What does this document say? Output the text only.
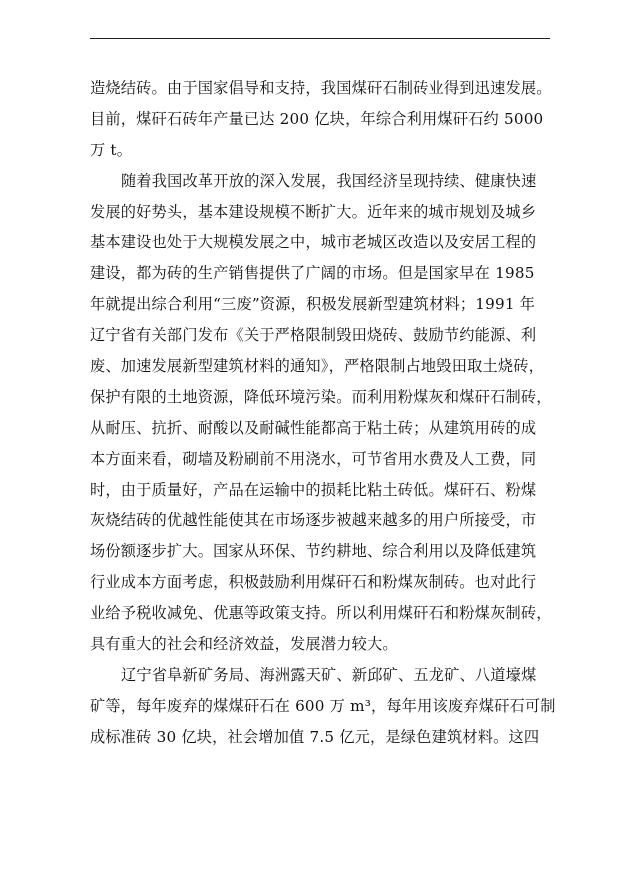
造烧结砖。由于国家倡导和支持，我国煤矸石制砖业得到迅速发展。
目前，煤矸石砖年产量已达 200 亿块，年综合利用煤矸石约 5000
万 t。
随着我国改革开放的深入发展，我国经济呈现持续、健康快速
发展的好势头，基本建设规模不断扩大。近年来的城市规划及城乡
基本建设也处于大规模发展之中，城市老城区改造以及安居工程的
建设，都为砖的生产销售提供了广阔的市场。但是国家早在 1985
年就提出综合利用“三废”资源，积极发展新型建筑材料；1991 年
辽宁省有关部门发布《关于严格限制毁田烧砖、鼓励节约能源、利
废、加速发展新型建筑材料的通知》，严格限制占地毁田取土烧砖，
保护有限的土地资源，降低环境污染。而利用粉煤灰和煤矸石制砖，
从耐压、抗折、耐酸以及耐碱性能都高于粘土砖；从建筑用砖的成
本方面来看，砌墙及粉刷前不用浇水，可节省用水费及人工费，同
时，由于质量好，产品在运输中的损耗比粘土砖低。煤矸石、粉煤
灰烧结砖的优越性能使其在市场逐步被越来越多的用户所接受，市
场份额逐步扩大。国家从环保、节约耕地、综合利用以及降低建筑
行业成本方面考虑，积极鼓励利用煤矸石和粉煤灰制砖。也对此行
业给予税收减免、优惠等政策支持。所以利用煤矸石和粉煤灰制砖，
具有重大的社会和经济效益，发展潜力较大。
辽宁省阜新矿务局、海洲露天矿、新邱矿、五龙矿、八道壕煤
矿等，每年废弃的煤煤矸石在 600 万 m³，每年用该废弃煤矸石可制
成标准砖 30 亿块，社会增加值 7.5 亿元，是绿色建筑材料。这四
